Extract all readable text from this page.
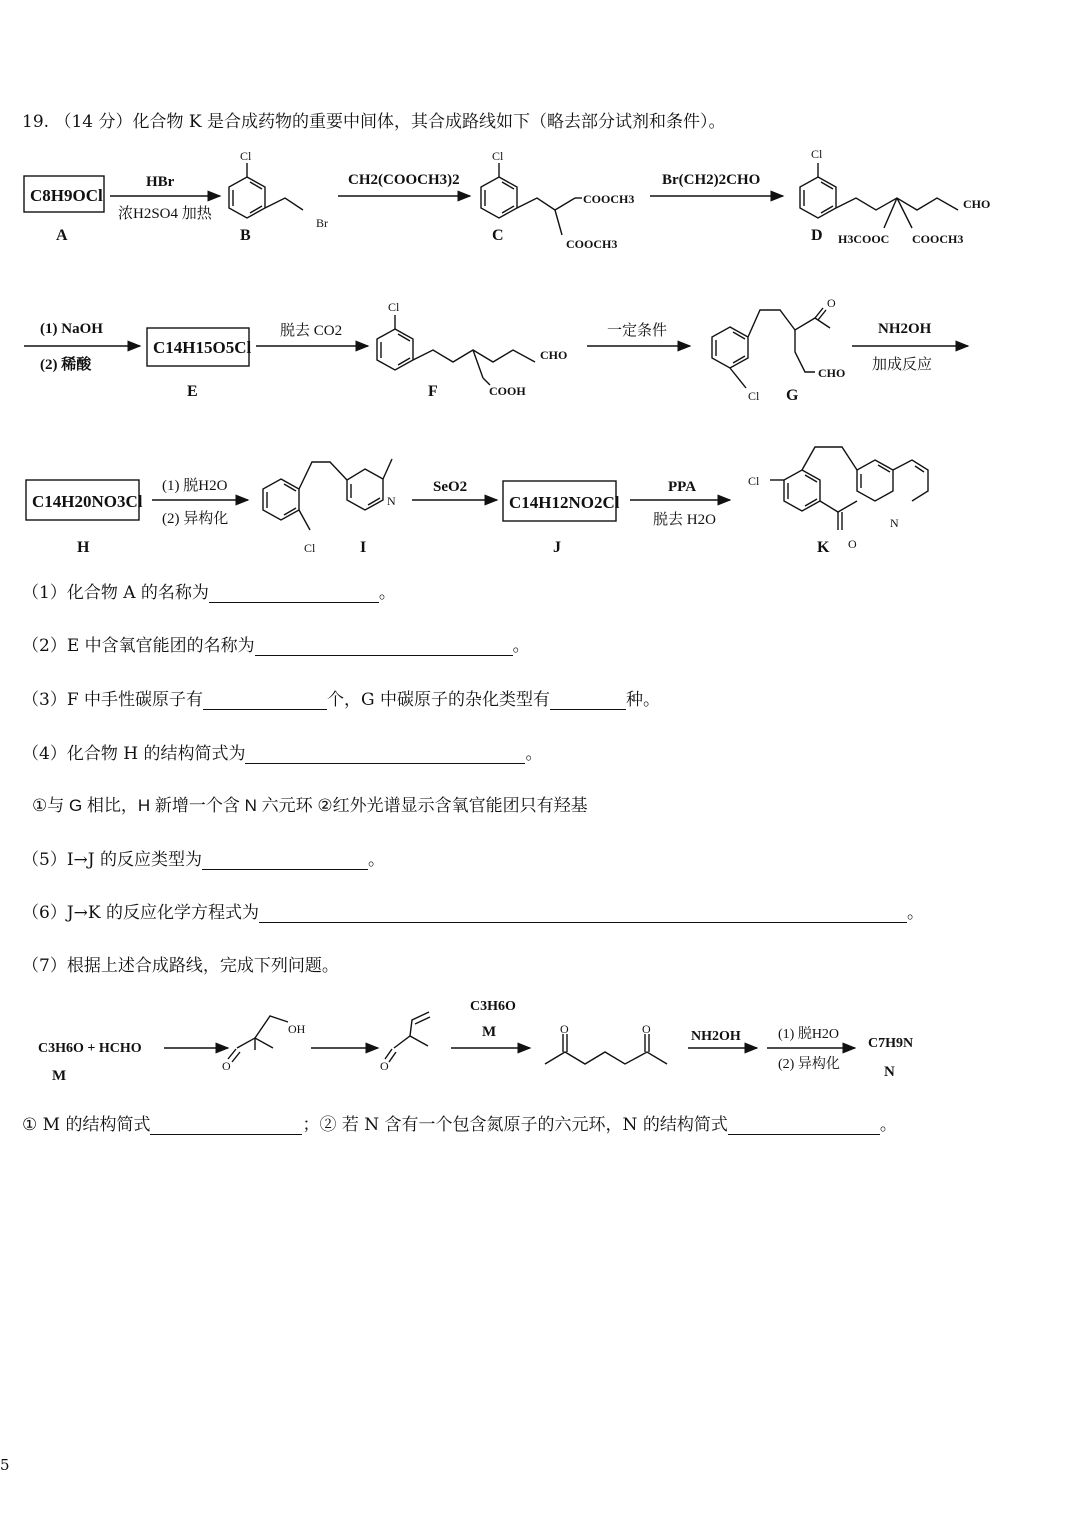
19. （14 分）化合物 K 是合成药物的重要中间体，其合成路线如下（略去部分试剂和条件）。
C8H9OCl
A
HBr
浓H2SO4 加热
Cl
Br
B
CH2(COOCH3)2
Cl
COOCH3
COOCH3
C
Br(CH2)2CHO
Cl
CHO
H3COOC COOCH3
D
(1) NaOH
(2) 稀酸
C14H15O5Cl
E
脱去 CO2
Cl
CHO
COOH
F
一定条件
O
CHO
Cl G
NH2OH
加成反应
C14H20NO3Cl
H
(1) 脱H2O
(2) 异构化
N
Cl	I
SeO2
C14H12NO2Cl
J
PPA
脱去 H2O
Cl
N
O
K
C3H6O + HCHO
M
OH
O	O
C3H6O
M	O	O	NH2OH	(1) 脱H2O
(2) 异构化
C7H9N
N
（1）化合物 A 的名称为	。
（2）E 中含氧官能团的名称为	。
（3）F 中手性碳原子有	个，G 中碳原子的杂化类型有	种。
（4）化合物 H 的结构简式为	。
①与 G 相比，H 新增一个含 N 六元环 ②红外光谱显示含氧官能团只有羟基
（5）I→J 的反应类型为	。
（6）J→K 的反应化学方程式为	。
（7）根据上述合成路线，完成下列问题。
① M 的结构简式	；② 若 N 含有一个包含氮原子的六元环，N 的结构简式	。
5
